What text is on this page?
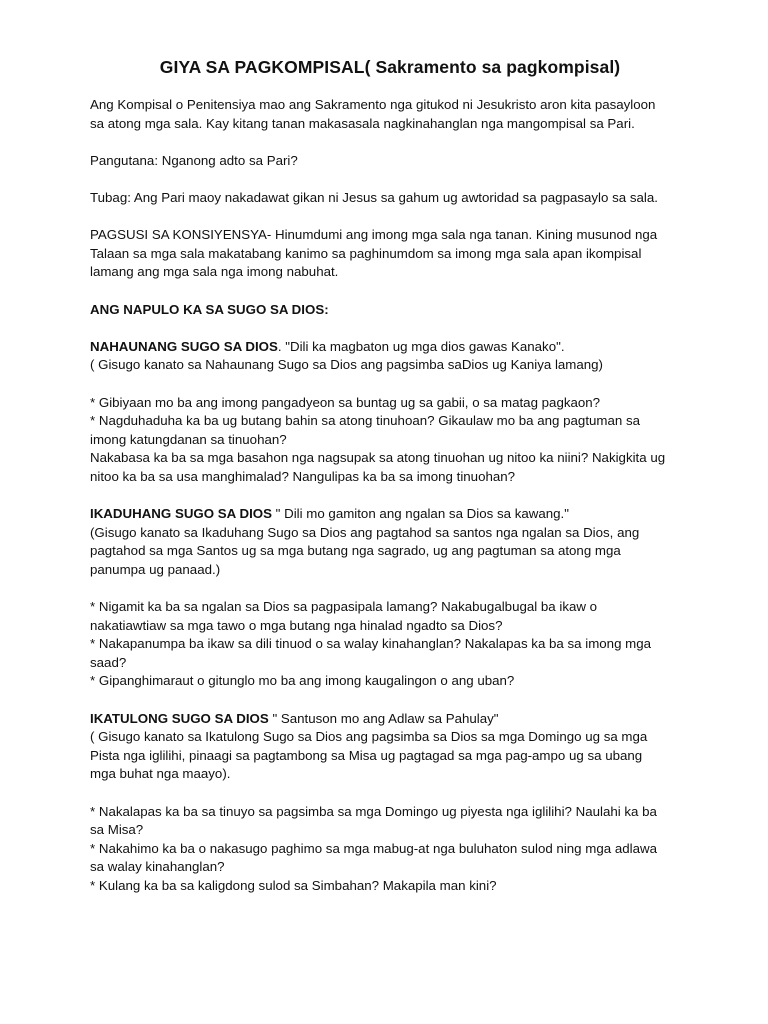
GIYA SA PAGKOMPISAL( Sakramento sa pagkompisal)

Ang Kompisal o Penitensiya mao ang Sakramento nga gitukod ni Jesukristo aron kita pasayloon
sa atong mga sala. Kay kitang tanan makasasala nagkinahanglan nga mangompisal sa Pari.

Pangutana: Nganong adto sa Pari?

Tubag: Ang Pari maoy nakadawat gikan ni Jesus sa gahum ug awtoridad sa pagpasaylo sa sala.

PAGSUSI SA KONSIYENSYA- Hinumdumi ang imong mga sala nga tanan. Kining musunod nga
Talaan sa mga sala makatabang kanimo sa paghinumdom sa imong mga sala apan ikompisal
lamang ang mga sala nga imong nabuhat.

ANG NAPULO KA SA SUGO SA DIOS:

NAHAUNANG SUGO SA DIOS. "Dili ka magbaton ug mga dios gawas Kanako".
( Gisugo kanato sa Nahaunang Sugo sa Dios ang pagsimba saDios ug Kaniya lamang)

* Gibiyaan mo ba ang imong pangadyeon sa buntag ug sa gabii, o sa matag pagkaon?
* Nagduhaduha ka ba ug butang bahin sa atong tinuhoan? Gikaulaw mo ba ang pagtuman sa
imong katungdanan sa tinuohan?
Nakabasa ka ba sa mga basahon nga nagsupak sa atong tinuohan ug nitoo ka niini? Nakigkita ug
nitoo ka ba sa usa manghimalad? Nangulipas ka ba sa imong tinuohan?

IKADUHANG SUGO SA DIOS " Dili mo gamiton ang ngalan sa Dios sa kawang."
(Gisugo kanato sa Ikaduhang Sugo sa Dios ang pagtahod sa santos nga ngalan sa Dios, ang
pagtahod sa mga Santos ug sa mga butang nga sagrado, ug ang pagtuman sa atong mga
panumpa ug panaad.)

* Nigamit ka ba sa ngalan sa Dios sa pagpasipala lamang? Nakabugalbugal ba ikaw o
nakatiawtiaw sa mga tawo o mga butang nga hinalad ngadto sa Dios?
* Nakapanumpa ba ikaw sa dili tinuod o sa walay kinahanglan? Nakalapas ka ba sa imong mga
saad?
* Gipanghimaraut o gitunglo mo ba ang imong kaugalingon o ang uban?

IKATULONG SUGO SA DIOS " Santuson mo ang Adlaw sa Pahulay"
( Gisugo kanato sa Ikatulong Sugo sa Dios ang pagsimba sa Dios sa mga Domingo ug sa mga
Pista nga iglilihi, pinaagi sa pagtambong sa Misa ug pagtagad sa mga pag-ampo ug sa ubang
mga buhat nga maayo).

* Nakalapas ka ba sa tinuyo sa pagsimba sa mga Domingo ug piyesta nga iglilihi? Naulahi ka ba
sa Misa?
* Nakahimo ka ba o nakasugo paghimo sa mga mabug-at nga buluhaton sulod ning mga adlawa
sa walay kinahanglan?
* Kulang ka ba sa kaligdong sulod sa Simbahan? Makapila man kini?
